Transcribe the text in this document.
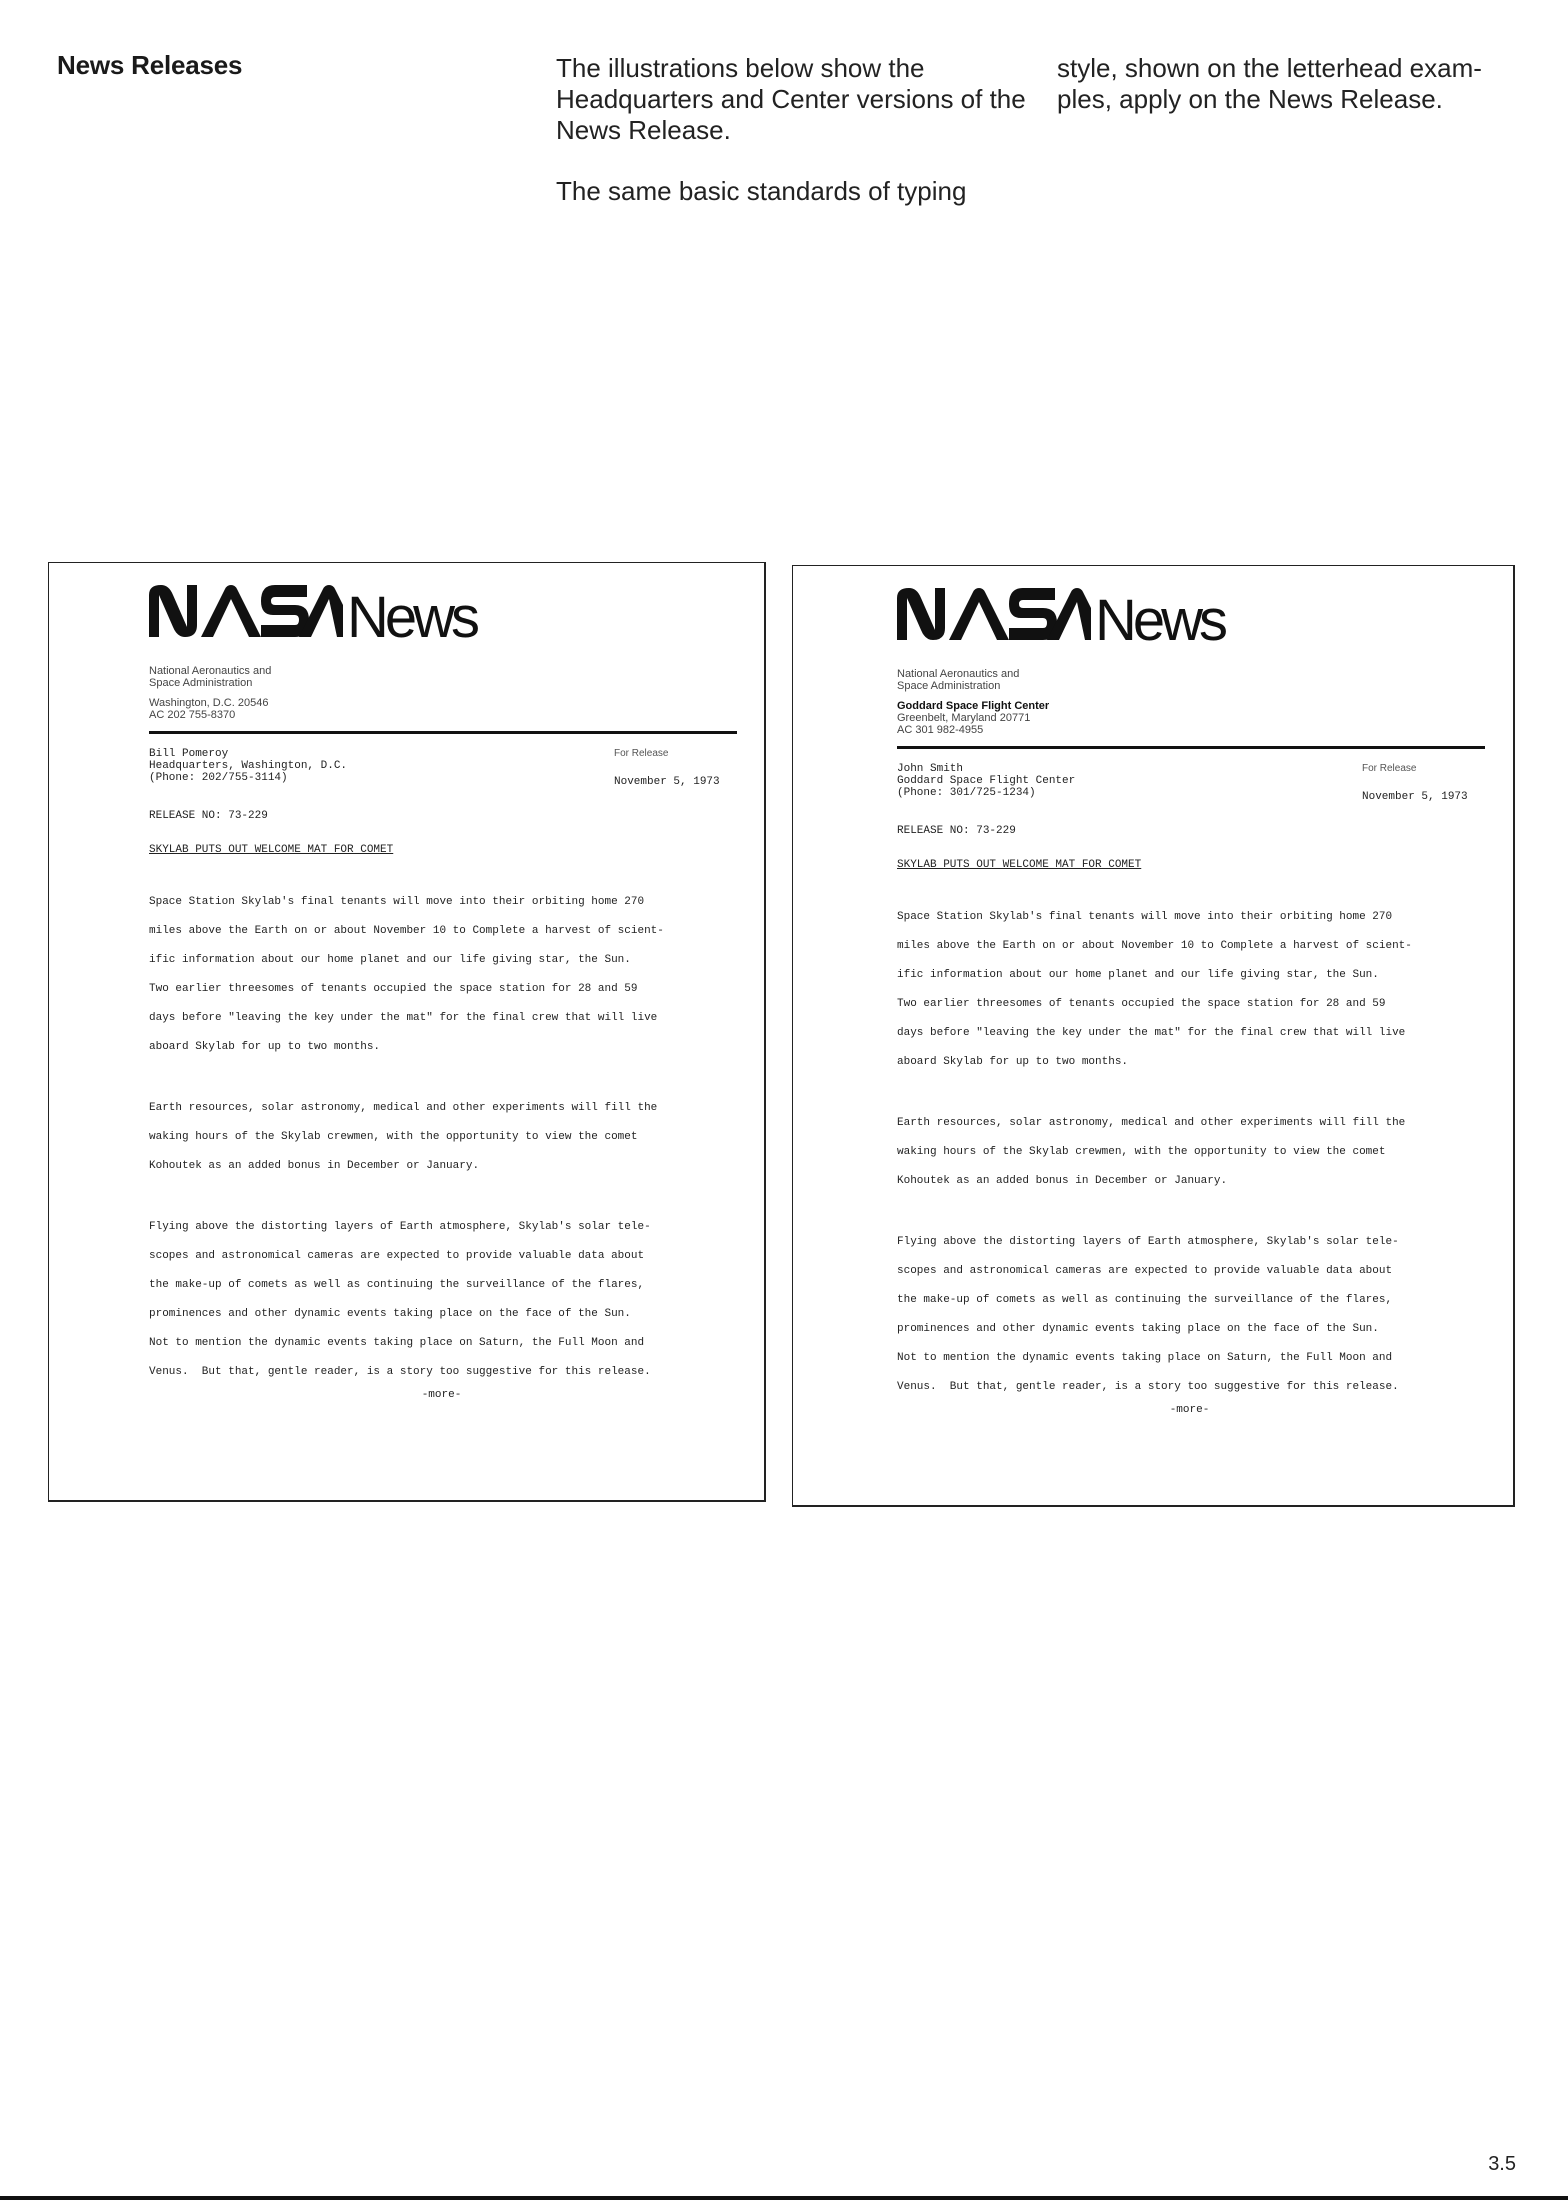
News Releases	The illustrations below show the Headquarters and Center versions of the News Release.

The same basic standards of typing

style, shown on the letterhead exam-ples, apply on the News Release.

News
National Aeronautics and
Space Administration
Washington, D.C. 20546
AC 202 755-8370
Bill Pomeroy
Headquarters, Washington, D.C.
(Phone: 202/755-3114)
For Release
November 5, 1973
RELEASE NO: 73-229
SKYLAB PUTS OUT WELCOME MAT FOR COMET
Space Station Skylab's final tenants will move into their orbiting home 270
miles above the Earth on or about November 10 to Complete a harvest of scient-
ific information about our home planet and our life giving star, the Sun.
Two earlier threesomes of tenants occupied the space station for 28 and 59
days before "leaving the key under the mat" for the final crew that will live
aboard Skylab for up to two months.
Earth resources, solar astronomy, medical and other experiments will fill the
waking hours of the Skylab crewmen, with the opportunity to view the comet
Kohoutek as an added bonus in December or January.
Flying above the distorting layers of Earth atmosphere, Skylab's solar tele-
scopes and astronomical cameras are expected to provide valuable data about
the make-up of comets as well as continuing the surveillance of the flares,
prominences and other dynamic events taking place on the face of the Sun.
Not to mention the dynamic events taking place on Saturn, the Full Moon and
Venus.  But that, gentle reader, is a story too suggestive for this release.
-more-
News
National Aeronautics and
Space Administration
Goddard Space Flight Center
Greenbelt, Maryland 20771
AC 301 982-4955
John Smith
Goddard Space Flight Center
(Phone: 301/725-1234)
For Release
November 5, 1973
RELEASE NO: 73-229
SKYLAB PUTS OUT WELCOME MAT FOR COMET
Space Station Skylab's final tenants will move into their orbiting home 270
miles above the Earth on or about November 10 to Complete a harvest of scient-
ific information about our home planet and our life giving star, the Sun.
Two earlier threesomes of tenants occupied the space station for 28 and 59
days before "leaving the key under the mat" for the final crew that will live
aboard Skylab for up to two months.
Earth resources, solar astronomy, medical and other experiments will fill the
waking hours of the Skylab crewmen, with the opportunity to view the comet
Kohoutek as an added bonus in December or January.
Flying above the distorting layers of Earth atmosphere, Skylab's solar tele-
scopes and astronomical cameras are expected to provide valuable data about
the make-up of comets as well as continuing the surveillance of the flares,
prominences and other dynamic events taking place on the face of the Sun.
Not to mention the dynamic events taking place on Saturn, the Full Moon and
Venus.  But that, gentle reader, is a story too suggestive for this release.
-more-
3.5
